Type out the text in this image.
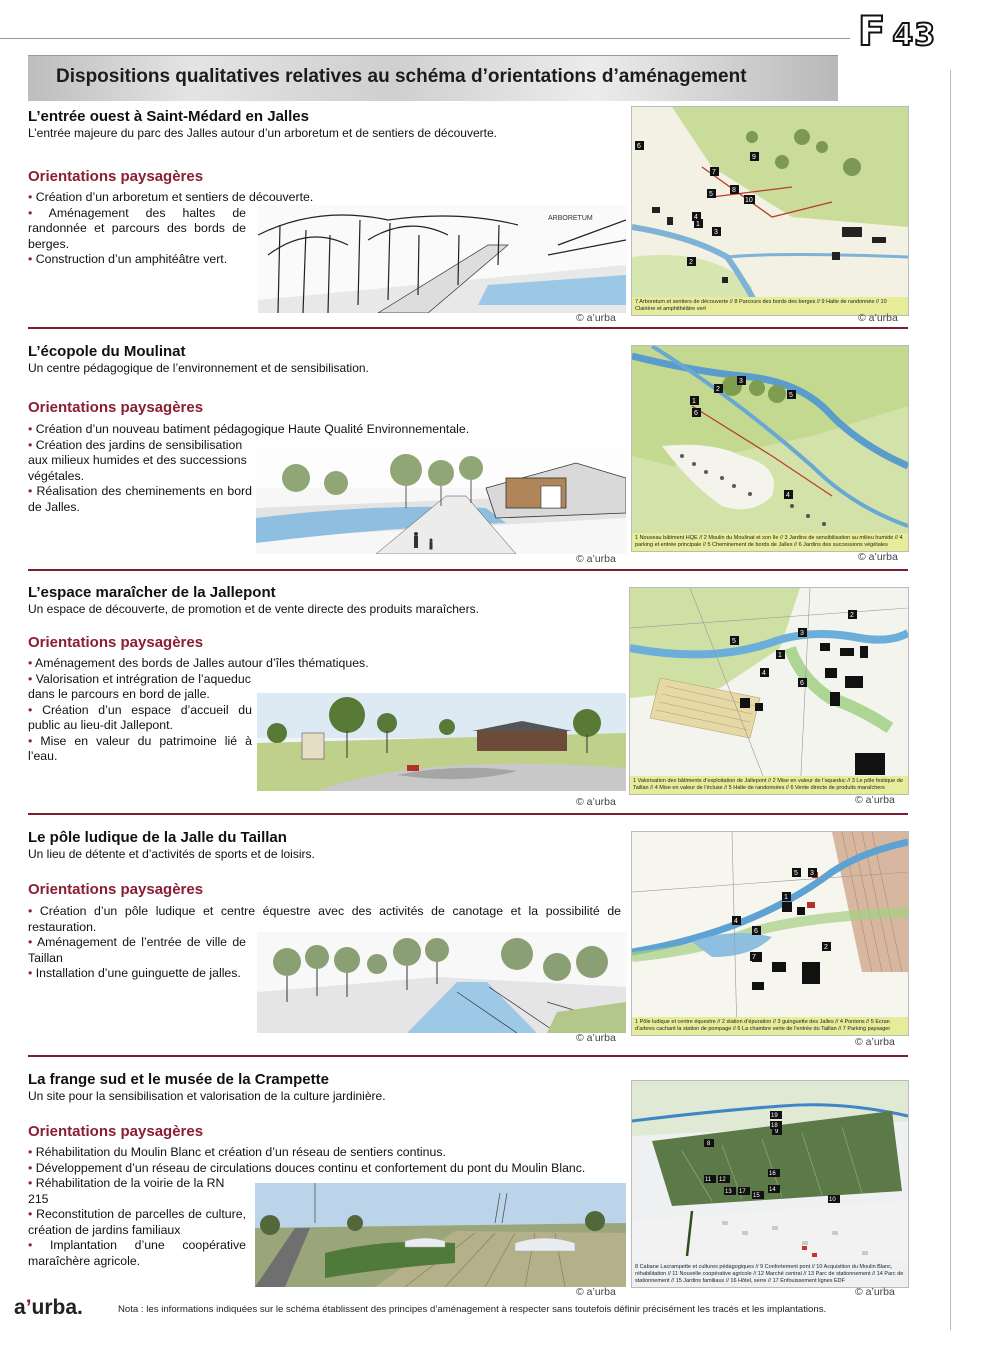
F 43
Dispositions qualitatives relatives au schéma d’orientations d’aménagement
L’entrée ouest à Saint-Médard en Jalles
L’entrée majeure du parc des Jalles autour d’un arboretum et de sentiers de découverte.
Orientations paysagères
• Création d’un arboretum et sentiers de découverte.
• Aménagement des haltes de randonnée et parcours des bords de berges.
• Construction d’un amphitéâtre vert.
ARBORETUM
© a’urba
6
7
8
9
10
1
2
3
4
5
7 Arboretum et sentiers de découverte // 8 Parcours des bords des berges // 9 Halte de randonnée // 10 Clairière et amphithéâtre vert
© a’urba
L’écopole du Moulinat
Un centre pédagogique de l’environnement et de sensibilisation.
Orientations paysagères
• Création d’un nouveau batiment pédagogique Haute Qualité Environnementale.
• Création des jardins de sensibilisation aux milieux humides et des successions végétales.
• Réalisation des cheminements en bord de Jalles.
© a’urba
1
2
3
4
5
6
1 Nouveau bâtiment HQE // 2 Moulin du Moulinat et son île // 3 Jardins de sensibilisation au milieu humide // 4 parking et entrée principale // 5 Cheminement de bords de Jalles // 6 Jardins des successions végétales
© a’urba
L’espace maraîcher de la Jallepont
Un espace de découverte, de promotion et de vente directe des produits maraîchers.
Orientations paysagères
• Aménagement des bords de Jalles autour d’îles thématiques.
• Valorisation et intrégration de l’aqueduc dans le parcours en bord de jalle.
• Création d’un espace d’accueil du public au lieu-dit Jallepont.
• Mise en valeur du patrimoine lié à l’eau.
© a’urba
1
2
3
4
5
6
1 Valorisation des bâtiments d’exploitation de Jallepont // 2 Mise en valeur de l’aqueduc // 3 Le pôle festique de Taillan // 4 Mise en valeur de l’écluse // 5 Halte de randonnées // 6 Vente directe de produits maraîchers
© a’urba
Le pôle ludique de la Jalle du Taillan
Un lieu de détente et d’activités de sports et de loisirs.
Orientations paysagères
• Création d’un pôle ludique et centre équestre avec des activités de canotage et la possibilité de restauration.
• Aménagement de l’entrée de ville de Taillan
• Installation d’une guinguette de jalles.
© a’urba
1
2
3
4
5
6
7
1 Pôle ludique et centre équestre // 2 station d’épuration // 3 guinguette des Jalles // 4 Pontons // 5 Ecran d’arbres cachant la station de pompage // 6 La chambre verte de l’entrée du Taillan // 7 Parking paysager
© a’urba
La frange sud et le musée de la Crampette
Un site pour la sensibilisation et valorisation de la culture jardinière.
Orientations paysagères
• Réhabilitation du Moulin Blanc et création d’un réseau de sentiers continus.
• Développement d’un réseau de circulations douces continu et confortement du pont du Moulin Blanc.
• Réhabilitation de la voirie de la RN 215
• Reconstitution de parcelles de culture, création de jardins familiaux
• Implantation d’une coopérative maraîchère agricole.
© a’urba
8
9
10
11 12
13	14
15
16
17
18
19
8 Cabane Lacrampette et cultures pédagogiques // 9 Confortement pont // 10 Acquisition du Moulin Blanc, réhabilitation // 11 Nouvelle coopérative agricole // 12 Marché central // 13 Parc de stationnement // 14 Parc de stationnement // 15 Jardins familiaux // 16 Hôtel, serre // 17 Enfouissement lignes EDF
© a’urba
a’urba.	Nota : les informations indiquées sur le schéma établissent des principes d’aménagement à respecter sans toutefois définir précisément les tracés et les implantations.
